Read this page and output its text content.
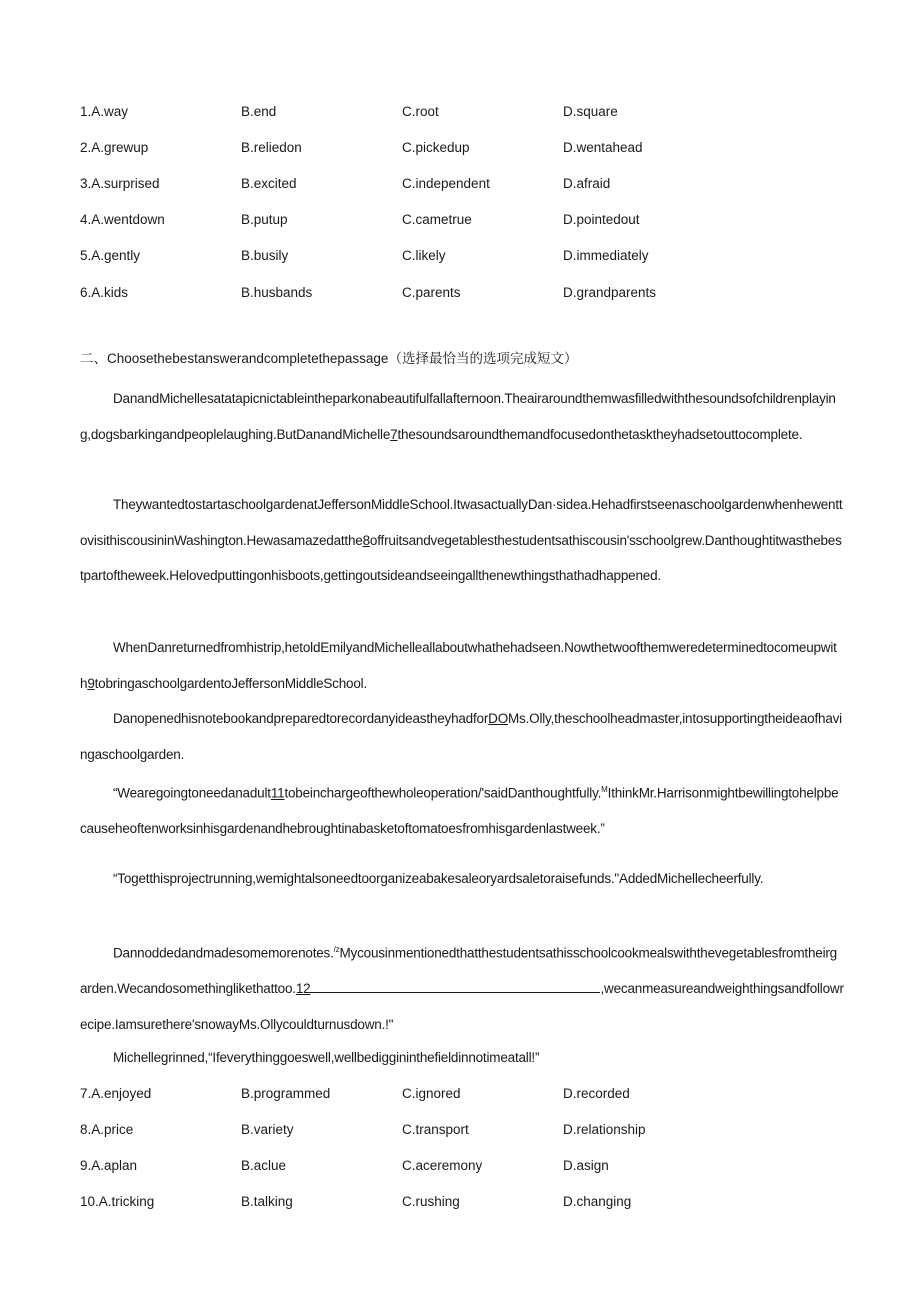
1.A.way	B.end	C.root	D.square
2.A.grewup	B.reliedon	C.pickedup	D.wentahead
3.A.surprised	B.excited	C.independent	D.afraid
4.A.wentdown	B.putup	C.cametrue	D.pointedout
5.A.gently	B.busily	C.likely	D.immediately
6.A.kids	B.husbands	C.parents	D.grandparents
二、Choosethebestanswerandcompletethepassage（选择最恰当的选项完成短文）
DanandMichellesatatapicnictableintheparkonabeautifulfallafternoon.Theairaroundthemwasfilledwiththesoundsofchildrenplaying,dogsbarkingandpeoplelaughing.ButDanandMichelle7thesoundsaroundthemandfocusedonthetasktheyhadsetouttocomplete.
TheywantedtostartaschoolgardenatJeffersonMiddleSchool.ItwasactuallyDan·sidea.HehadfirstseenaschoolgardenwhenhewenttovisithiscousininWashington.Hewasamazedatthe8offruitsandvegetablesthestudentsathiscousin'sschoolgrew.Danthoughtitwasthebestpartoftheweek.Helovedputtingonhisboots,gettingoutsideandseeingallthenewthingsthathadhappened.
WhenDanreturnedfromhistrip,hetoldEmilyandMichelleallaboutwhathehadseen.Nowthetwoofthemweredeterminedtocomeupwith9tobringaschoolgardentoJeffersonMiddleSchool.
DanopenedhisnotebookandpreparedtorecordanyideastheyhadforDOMs.Olly,theschoolheadmaster,intosupportingtheideaofhavingaschoolgarden.
“Wearegoingtoneedanadult11tobeinchargeofthewholeoperation/'saidDanthoughtfully.$^M$IthinkMr.Harrisonmightbewillingtohelpbecauseheoftenworksinhisgardenandhebroughtinabasketoftomatoesfromhisgardenlastweek.”
“Togetthisprojectrunning,wemightalsoneedtoorganizeabakesaleoryardsaletoraisefunds."AddedMichellecheerfully.
Dannoddedandmadesomemorenotes.$^{/z}$Mycousinmentionedthatthestudentsathisschoolcookmealswiththevegetablesfromtheirgarden.Wecandosomethinglikethattoo.12	,wecanmeasureandweighthingsandfollowrecipe.Iamsurethere'snowayMs.Ollycouldturnusdown.!"
Michellegrinned,“Ifeverythinggoeswell,wellbediggininthefieldinnotimeatall!”
7.A.enjoyed	B.programmed	C.ignored	D.recorded
8.A.price	B.variety	C.transport	D.relationship
9.A.aplan	B.aclue	C.aceremony	D.asign
10.A.tricking	B.talking	C.rushing	D.changing
